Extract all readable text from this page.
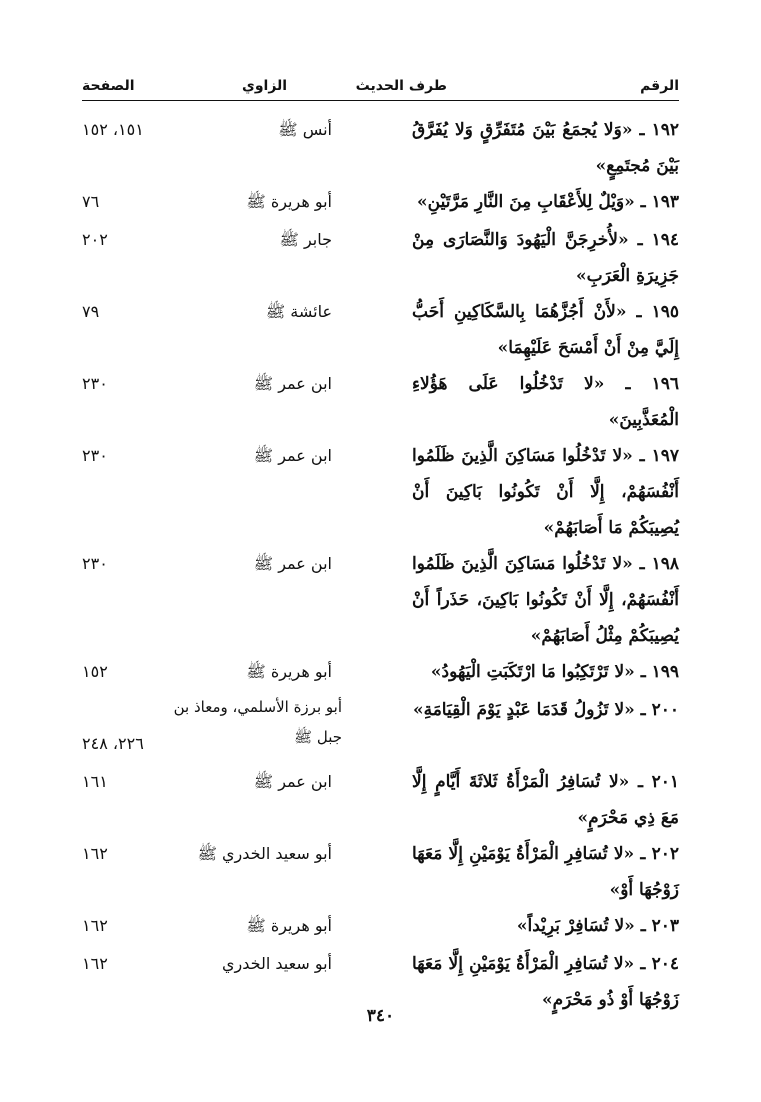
الرقم
طرف الحديث
الزاوي
الصفحة
١٩٢ ـ «وَلا يُجمَعُ بَيْنَ مُتَفَرِّقٍ وَلا يُفَرَّقُ بَيْنَ مُجتَمِعٍ»
أنس ﷺ
١٥١، ١٥٢
١٩٣ ـ «وَيْلٌ لِلأَعْقَابِ مِنَ النَّارِ مَرَّتَيْنِ»
أبو هريرة ﷺ
٧٦
١٩٤ ـ «لأُخرِجَنَّ الْيَهُودَ وَالنَّصَارَى مِنْ جَزِيرَةِ الْعَرَبِ»
جابر ﷺ
٢٠٢
١٩٥ ـ «لأَنْ أَجُزَّهُمَا بِالسَّكَاكِينِ أَحَبُّ إِلَيَّ مِنْ أَنْ أَمْسَحَ عَلَيْهِمَا»
عائشة ﷺ
٧٩
١٩٦ ـ «لا تَدْخُلُوا عَلَى هَؤُلاءِ الْمُعَذَّبِينَ»
ابن عمر ﷺ
٢٣٠
١٩٧ ـ «لا تَدْخُلُوا مَسَاكِنَ الَّذِينَ ظَلَمُوا أَنْفُسَهُمْ، إِلَّا أَنْ تَكُونُوا بَاكِينَ أَنْ يُصِيبَكُمْ مَا أَصَابَهُمْ»
ابن عمر ﷺ
٢٣٠
١٩٨ ـ «لا تَدْخُلُوا مَسَاكِنَ الَّذِينَ ظَلَمُوا أَنْفُسَهُمْ، إِلَّا أَنْ تَكُونُوا بَاكِينَ، حَذَراً أَنْ يُصِيبَكُمْ مِثْلُ أَصَابَهُمْ»
ابن عمر ﷺ
٢٣٠
١٩٩ ـ «لا تَرْتَكِبُوا مَا ارْتَكَبَتِ الْيَهُودُ»
أبو هريرة ﷺ
١٥٢
٢٠٠ ـ «لا تَزُولُ قَدَمَا عَبْدٍ يَوْمَ الْقِيَامَةِ»
أبو برزة الأسلمي، ومعاذ بن جبل ﷺ
٢٢٦، ٢٤٨
٢٠١ ـ «لا تُسَافِرُ الْمَرْأَةُ ثَلاثَةَ أَيَّامٍ إِلَّا مَعَ ذِي مَحْرَمٍ»
ابن عمر ﷺ
١٦١
٢٠٢ ـ «لا تُسَافِرِ الْمَرْأَةُ يَوْمَيْنِ إِلَّا مَعَهَا زَوْجُهَا أَوْ»
أبو سعيد الخدري ﷺ
١٦٢
٢٠٣ ـ «لا تُسَافِرْ بَرِيْداً»
أبو هريرة ﷺ
١٦٢
٢٠٤ ـ «لا تُسَافِرِ الْمَرْأَةُ يَوْمَيْنِ إِلَّا مَعَهَا زَوْجُهَا أَوْ ذُو مَحْرَمٍ»
أبو سعيد الخدري
١٦٢
٣٤٠
